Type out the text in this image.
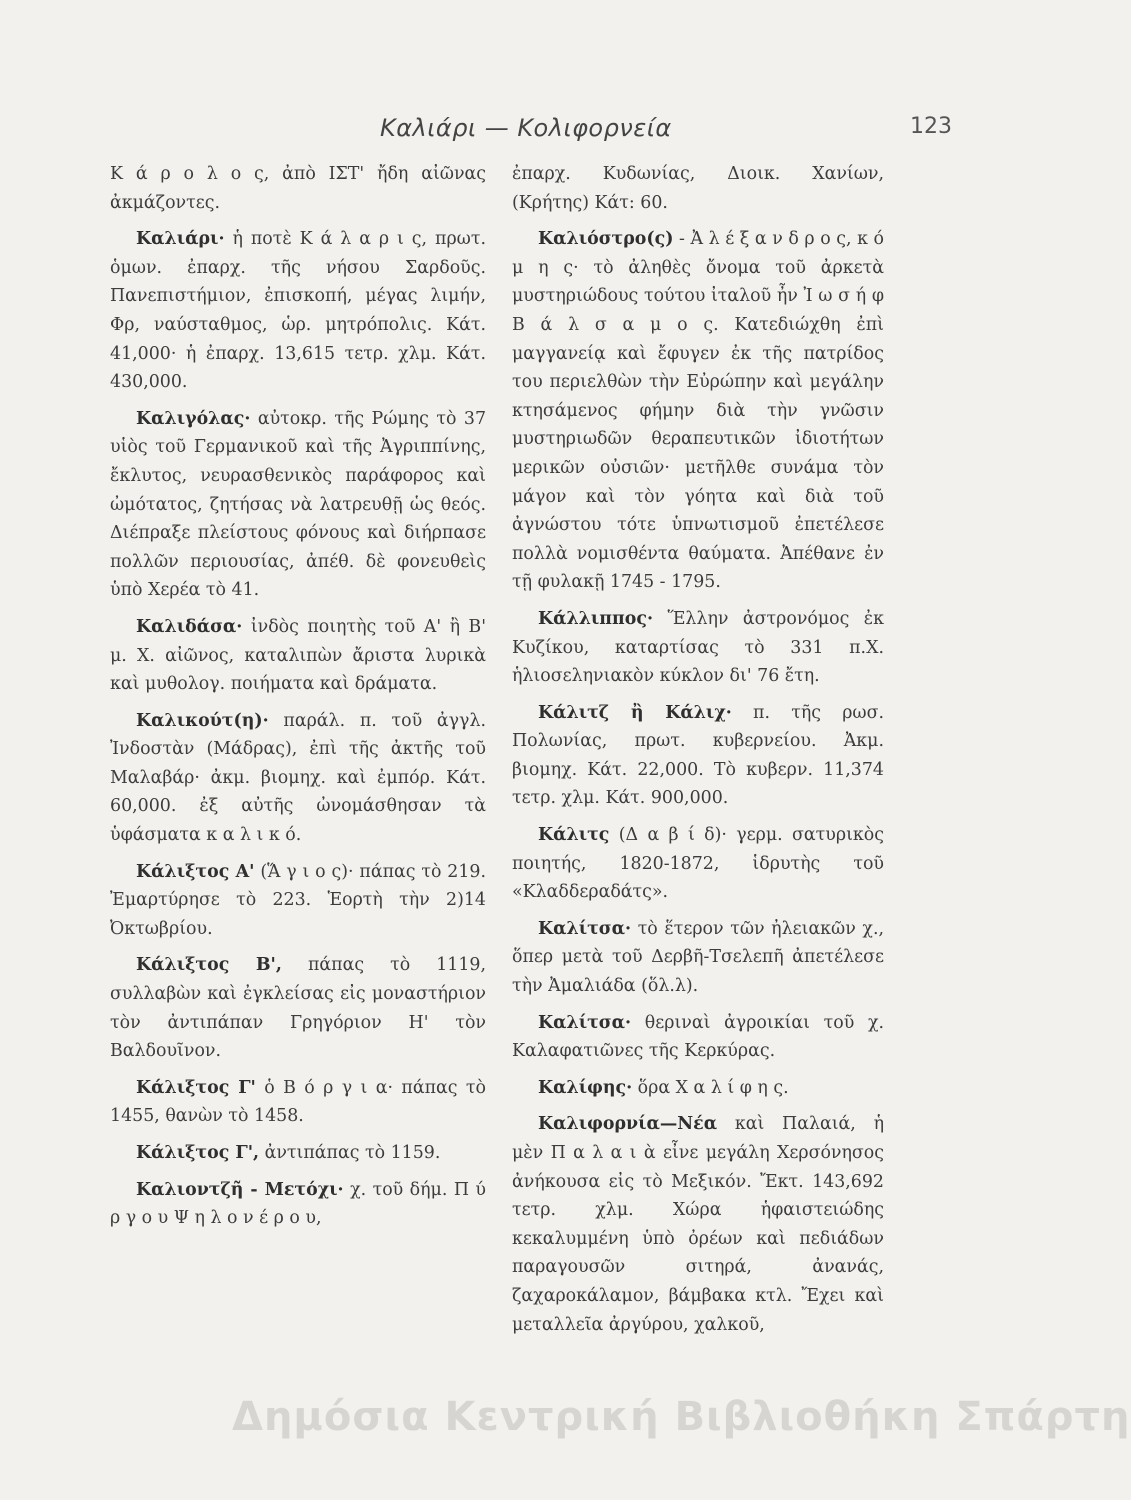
Καλιάρι — Κολιφορνεία	123

Κ ά ρ ο λ ο ς, ἀπὸ ΙΣΤ' ἤδη αἰῶνας ἀκμάζοντες.

Καλιάρι· ἡ ποτὲ Κ ά λ α ρ ι ς, πρωτ. ὁμων. ἐπαρχ. τῆς νήσου Σαρδοῦς. Πανεπιστήμιον, ἐπισκοπή, μέγας λιμήν, Φρ, ναύσταθμος, ὡρ. μητρόπολις. Κάτ. 41,000· ἡ ἐπαρχ. 13,615 τετρ. χλμ. Κάτ. 430,000.

Καλιγόλας· αὐτοκρ. τῆς Ρώμης τὸ 37 υἱὸς τοῦ Γερμανικοῦ καὶ τῆς Ἀγριππίνης, ἔκλυτος, νευρασθενικὸς παράφορος καὶ ὠμότατος, ζητήσας νὰ λατρευθῇ ὡς θεός. Διέπραξε πλείστους φόνους καὶ διήρπασε πολλῶν περιουσίας, ἀπέθ. δὲ φονευθεὶς ὑπὸ Χερέα τὸ 41.

Καλιδάσα· ἰνδὸς ποιητὴς τοῦ Α' ἢ Β' μ. Χ. αἰῶνος, καταλιπὼν ἄριστα λυρικὰ καὶ μυθολογ. ποιήματα καὶ δράματα.

Καλικούτ(η)· παράλ. π. τοῦ ἀγγλ. Ἰνδοστὰν (Μάδρας), ἐπὶ τῆς ἀκτῆς τοῦ Μαλαβάρ· ἀκμ. βιομηχ. καὶ ἐμπόρ. Κάτ. 60,000. ἐξ αὐτῆς ὠνομάσθησαν τὰ ὑφάσματα κ α λ ι κ ό.

Κάλιξτος Α' (Ἅ γ ι ο ς)· πάπας τὸ 219. Ἐμαρτύρησε τὸ 223. Ἑορτὴ τὴν 2)14 Ὀκτωβρίου.

Κάλιξτος Β', πάπας τὸ 1119, συλλαβὼν καὶ ἐγκλείσας εἰς μοναστήριον τὸν ἀντιπάπαν Γρηγόριον Η' τὸν Βαλδουῖνον.

Κάλιξτος Γ' ὁ Β ό ρ γ ι α· πάπας τὸ 1455, θανὼν τὸ 1458.

Κάλιξτος Γ', ἀντιπάπας τὸ 1159.

Καλιοντζῆ - Μετόχι· χ. τοῦ δήμ. Π ύ ρ γ ο υ Ψ η λ ο ν έ ρ ο υ,

ἐπαρχ. Κυδωνίας, Διοικ. Χανίων, (Κρήτης) Κάτ: 60.

Καλιόστρο(ς) - Ἀ λ έ ξ α ν δ ρ ο ς, κ ό μ η ς· τὸ ἀληθὲς ὄνομα τοῦ ἀρκετὰ μυστηριώδους τούτου ἰταλοῦ ἦν Ἰ ω σ ή φ Β ά λ σ α μ ο ς. Κατεδιώχθη ἐπὶ μαγγανείᾳ καὶ ἔφυγεν ἐκ τῆς πατρίδος του περιελθὼν τὴν Εὐρώπην καὶ μεγάλην κτησάμενος φήμην διὰ τὴν γνῶσιν μυστηριωδῶν θεραπευτικῶν ἰδιοτήτων μερικῶν οὐσιῶν· μετῆλθε συνάμα τὸν μάγον καὶ τὸν γόητα καὶ διὰ τοῦ ἀγνώστου τότε ὑπνωτισμοῦ ἐπετέλεσε πολλὰ νομισθέντα θαύματα. Ἀπέθανε ἐν τῇ φυλακῇ 1745 - 1795.

Κάλλιππος· Ἕλλην ἀστρονόμος ἐκ Κυζίκου, καταρτίσας τὸ 331 π.Χ. ἡλιοσεληνιακὸν κύκλον δι' 76 ἔτη.

Κάλιτζ ἢ Κάλιχ· π. τῆς ρωσ. Πολωνίας, πρωτ. κυβερνείου. Ἀκμ. βιομηχ. Κάτ. 22,000. Τὸ κυβερν. 11,374 τετρ. χλμ. Κάτ. 900,000.

Κάλιτς (Δ α β ί δ)· γερμ. σατυρικὸς ποιητής, 1820-1872, ἱδρυτὴς τοῦ «Κλαδδεραδάτς».

Καλίτσα· τὸ ἕτερον τῶν ἠλειακῶν χ., ὅπερ μετὰ τοῦ Δερβῆ-Τσελεπῆ ἀπετέλεσε τὴν Ἀμαλιάδα (ὅλ.λ).

Καλίτσα· θεριναὶ ἀγροικίαι τοῦ χ. Καλαφατιῶνες τῆς Κερκύρας.

Καλίφης· ὅρα Χ α λ ί φ η ς.

Καλιφορνία—Νέα καὶ Παλαιά, ἡ μὲν Π α λ α ι ὰ εἶνε μεγάλη Χερσόνησος ἀνήκουσα εἰς τὸ Μεξικόν. Ἔκτ. 143,692 τετρ. χλμ. Χώρα ἡφαιστειώδης κεκαλυμμένη ὑπὸ ὀρέων καὶ πεδιάδων παραγουσῶν σιτηρά, ἀνανάς, ζαχαροκάλαμον, βάμβακα κτλ. Ἔχει καὶ μεταλλεῖα ἀργύρου, χαλκοῦ,

Δημόσια Κεντρική Βιβλιοθήκη Σπάρτη
